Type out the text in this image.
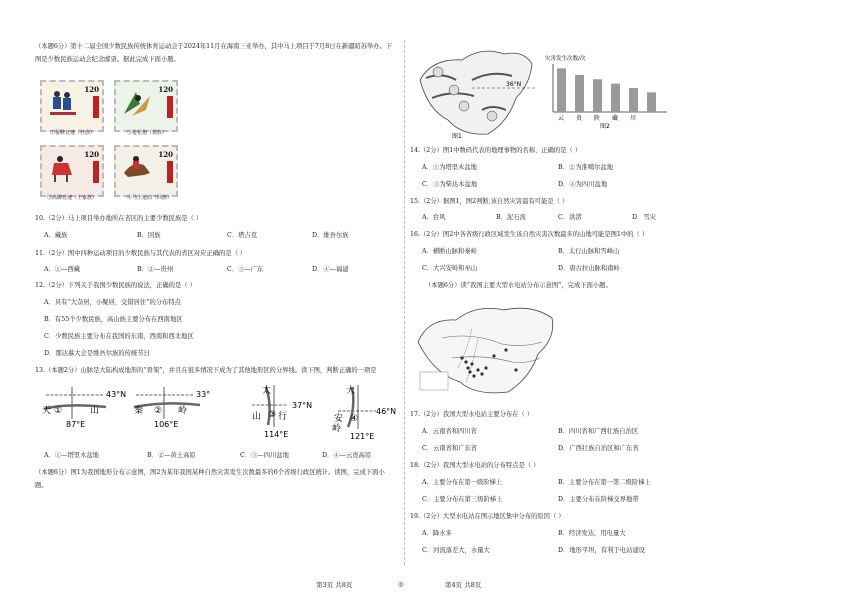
（本题6分）第十二届全国少数民族传统体育运动会于2024年11月在海南三亚举办，其中马上项目于7月8日在新疆昭苏举办。下图是少数民族运动会纪念邮票。据此完成下面小题。
120
①板鞋竞速（壮族）
120
②抢花炮（苗族）
120
③高脚竞速（土家族）
120
④马上运动（回族）
10.（2分）马上项目举办地所在省区的主要少数民族是（ ）
A．藏族	B．回族	C．塔吉克	D．维吾尔族
11.（2分）图中四种运动项目的少数民族与其代表的省区对应正确的是（ ）
A．①—西藏	B．②—贵州	C．③—广东	D．④—福建
12.（2分）下列关于我国少数民族的说法，正确的是（ ）
A．具有“大杂居，小聚居，交错居住”的分布特点
B．有55个少数民族，高山族主要分布在西南地区
C．少数民族主要分布在我国的东南，西南和西北地区
D．那达慕大会是维吾尔族的传统节日
13.（本题2分）山脉是大陆构成地形的“骨架”，并且在很多情况下成为了其他地形区的分界线。读下图，判断正确的一项是
43°N
87°E
天 ①	山
33°
106°E
秦 ② 岭
太
37°N
114°E
山 ③ 行
大
46°N
121°E
安 ④
岭
A．①—塔里木盆地	B．②—黄土高原	C．③—四川盆地	D．④—云贵高原
（本题6分）图1为我国地形分布示意图，图2为某年我国某种自然灾害发生次数最多的6个省级行政区统计。读图，完成下面小题。
36°N
图1
灾害发生次数/次
云 贵 陕 藏 川
图2
14.（2分）图1中数码代表的地理事物的名称，正确的是（ ）
A．①为塔里木盆地	B．②为准噶尔盆地
C．③为柴达木盆地	D．④为四川盆地
15.（2分）据图1，图2判断,该自然灾害最有可能是（ ）
A．台风	B．泥石流	C．洪涝	D．雪灾
16.（2分）图2中各省级行政区域发生该自然灾害次数最多的山地可能是图1中的（ ）
A．横断山脉和秦岭	B．太行山脉和雪峰山
C．大兴安岭和巫山	D．唐古拉山脉和南岭
（本题6分）读“我国主要大型水电站分布示意图”，完成下面小题。
17.（2分）我国大型水电站主要分布在（ ）
A．云南省和四川省	B．四川省和广西壮族自治区
C．云南省和广东省	D．广西壮族自治区和广东省
18.（2分）我国大型水电站的分布特点是（ ）
A．主要分布在第一级阶梯上	B．主要分布在第一第二级阶梯上
C．主要分布在第三级阶梯上	D．主要分布在阶梯交界地带
19.（2分）大型水电站在图示地区集中分布的原因（ ）
A．降水多	B．经济发达，用电量大
C．河流落差大，水量大	D．地形平坦，有利于电站建设
第3页 共8页	◎	第4页 共8页
